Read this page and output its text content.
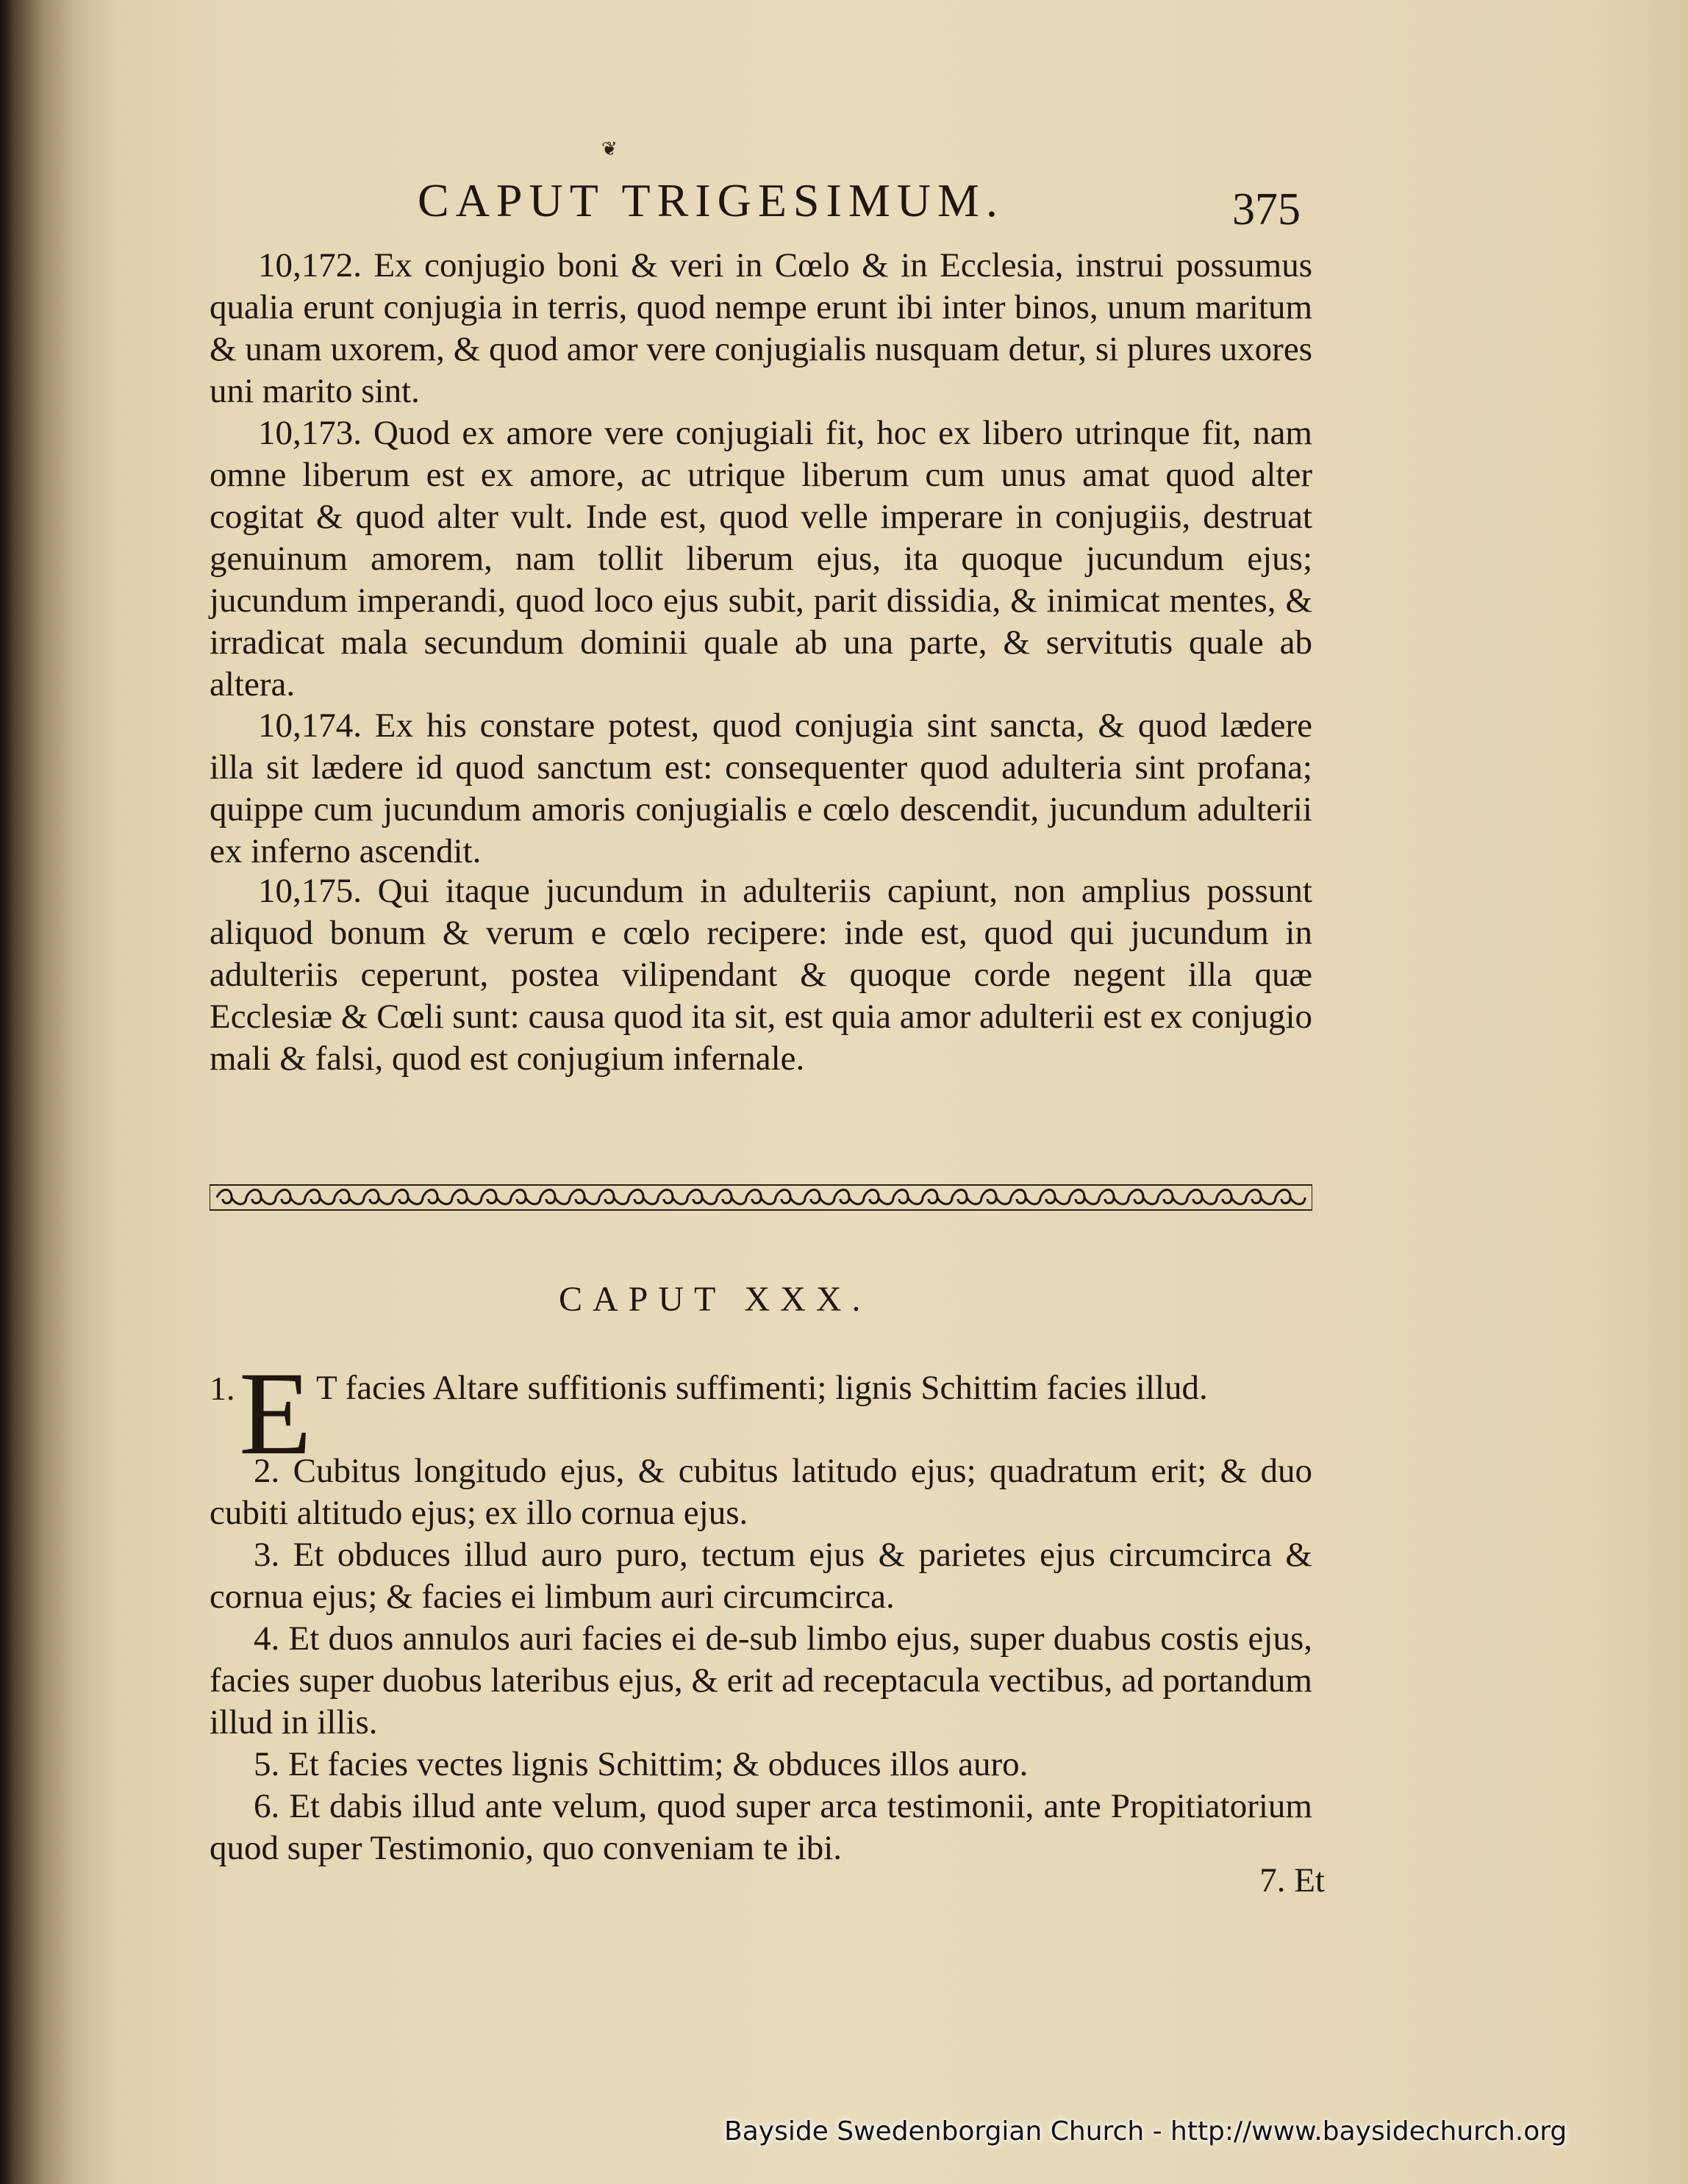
❦
CAPUT TRIGESIMUM.	375

10,172. Ex conjugio boni & veri in Cœlo & in Ecclesia, instrui possumus qualia erunt conjugia in terris, quod nempe erunt ibi inter binos, unum maritum & unam uxorem, & quod amor vere conjugialis nusquam detur, si plures uxores uni marito sint.

10,173. Quod ex amore vere conjugiali fit, hoc ex libero utrinque fit, nam omne liberum est ex amore, ac utrique liberum cum unus amat quod alter cogitat & quod alter vult. Inde est, quod velle imperare in conjugiis, destruat genuinum amorem, nam tollit liberum ejus, ita quoque jucundum ejus; jucundum imperandi, quod loco ejus subit, parit dissidia, & inimicat mentes, & irradicat mala secundum dominii quale ab una parte, & servitutis quale ab altera.

10,174. Ex his constare potest, quod conjugia sint sancta, & quod lædere illa sit lædere id quod sanctum est: consequenter quod adulteria sint profana; quippe cum jucundum amoris conjugialis e cœlo descendit, jucundum adulterii ex inferno ascendit.

10,175. Qui itaque jucundum in adulteriis capiunt, non amplius possunt aliquod bonum & verum e cœlo recipere: inde est, quod qui jucundum in adulteriis ceperunt, postea vilipendant & quoque corde negent illa quæ Ecclesiæ & Cœli sunt: causa quod ita sit, est quia amor adulterii est ex conjugio mali & falsi, quod est conjugium infernale.

CAPUT XXX.
1. E T facies Altare suffitionis suffimenti; lignis Schittim facies illud.

2. Cubitus longitudo ejus, & cubitus latitudo ejus; quadratum erit; & duo cubiti altitudo ejus; ex illo cornua ejus.

3. Et obduces illud auro puro, tectum ejus & parietes ejus circumcirca & cornua ejus; & facies ei limbum auri circumcirca.

4. Et duos annulos auri facies ei de-sub limbo ejus, super duabus costis ejus, facies super duobus lateribus ejus, & erit ad receptacula vectibus, ad portandum illud in illis.

5. Et facies vectes lignis Schittim; & obduces illos auro.

6. Et dabis illud ante velum, quod super arca testimonii, ante Propitiatorium quod super Testimonio, quo conveniam te ibi.

7. Et
Bayside Swedenborgian Church - http://www.baysidechurch.org
